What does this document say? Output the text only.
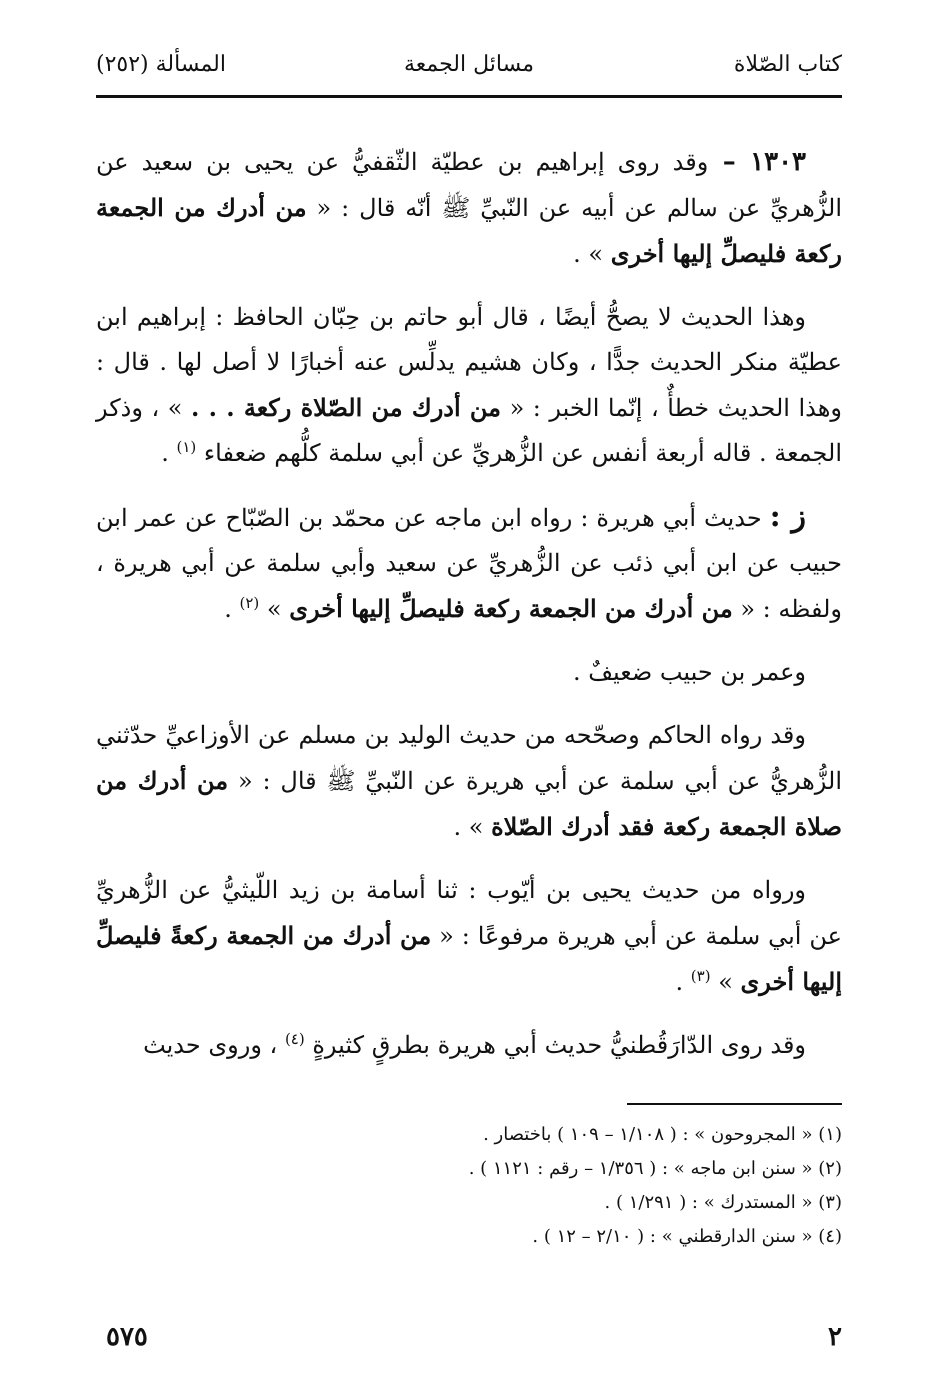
كتاب الصّلاة
مسائل الجمعة
المسألة (٢٥٢)

١٣٠٣ – وقد روى إبراهيم بن عطيّة الثّقفيُّ عن يحيى بن سعيد عن الزُّهريِّ عن سالم عن أبيه عن النّبيِّ ﷺ أنّه قال : « من أدرك من الجمعة ركعة فليصلِّ إليها أخرى » .

وهذا الحديث لا يصحُّ أيضًا ، قال أبو حاتم بن حِبّان الحافظ : إبراهيم ابن عطيّة منكر الحديث جدًّا ، وكان هشيم يدلِّس عنه أخبارًا لا أصل لها . قال : وهذا الحديث خطأٌ ، إنّما الخبر : « من أدرك من الصّلاة ركعة . . . » ، وذكر الجمعة . قاله أربعة أنفس عن الزُّهريِّ عن أبي سلمة كلُّهم ضعفاء $^{(١)}$ .

ز : حديث أبي هريرة : رواه ابن ماجه عن محمّد بن الصّبّاح عن عمر ابن حبيب عن ابن أبي ذئب عن الزُّهريِّ عن سعيد وأبي سلمة عن أبي هريرة ، ولفظه : « من أدرك من الجمعة ركعة فليصلِّ إليها أخرى » $^{(٢)}$ .

وعمر بن حبيب ضعيفٌ .

وقد رواه الحاكم وصحّحه من حديث الوليد بن مسلم عن الأوزاعيِّ حدّثني الزُّهريُّ عن أبي سلمة عن أبي هريرة عن النّبيِّ ﷺ قال : « من أدرك من صلاة الجمعة ركعة فقد أدرك الصّلاة » .

ورواه من حديث يحيى بن أيّوب : ثنا أسامة بن زيد اللّيثيُّ عن الزُّهريِّ عن أبي سلمة عن أبي هريرة مرفوعًا : « من أدرك من الجمعة ركعةً فليصلِّ إليها أخرى » $^{(٣)}$ .

وقد روى الدّارَقُطنيُّ حديث أبي هريرة بطرقٍ كثيرةٍ $^{(٤)}$ ، وروى حديث

(١) « المجروحون » : ( ١/١٠٨ – ١٠٩ ) باختصار .

(٢) « سنن ابن ماجه » : ( ١/٣٥٦ – رقم : ١١٢١ ) .

(٣) « المستدرك » : ( ١/٢٩١ ) .

(٤) « سنن الدارقطني » : ( ٢/١٠ – ١٢ ) .

٢
٥٧٥
